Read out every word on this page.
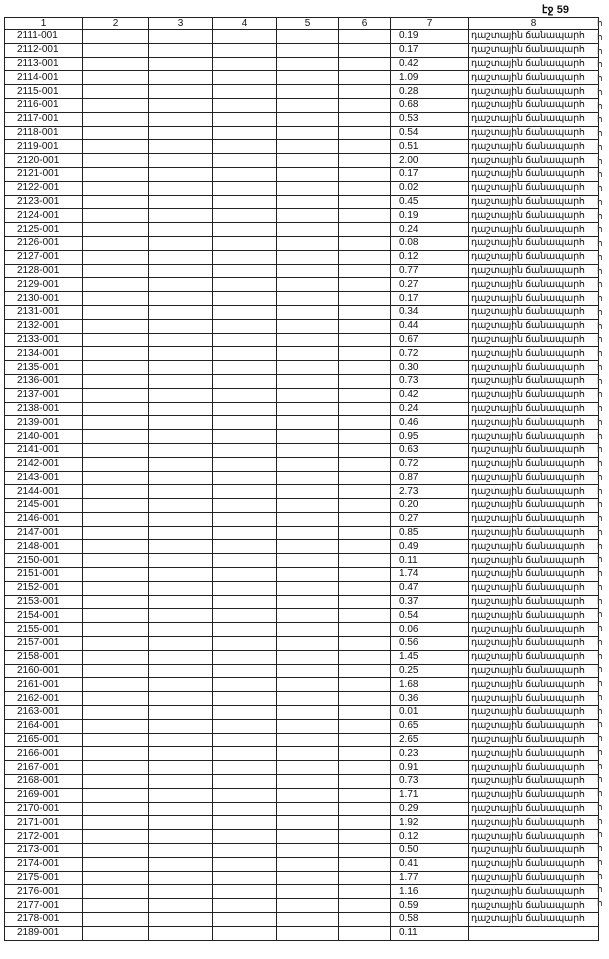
էջ 59
1	2	3	4	5	6	7	8
2111-001						0.19	դաշտային ճանապարհ
2112-001						0.17	դաշտային ճանապարհ
2113-001						0.42	դաշտային ճանապարհ
2114-001						1.09	դաշտային ճանապարհ
2115-001						0.28	դաշտային ճանապարհ
2116-001						0.68	դաշտային ճանապարհ
2117-001						0.53	դաշտային ճանապարհ
2118-001						0.54	դաշտային ճանապարհ
2119-001						0.51	դաշտային ճանապարհ
2120-001						2.00	դաշտային ճանապարհ
2121-001						0.17	դաշտային ճանապարհ
2122-001						0.02	դաշտային ճանապարհ
2123-001						0.45	դաշտային ճանապարհ
2124-001						0.19	դաշտային ճանապարհ
2125-001						0.24	դաշտային ճանապարհ
2126-001						0.08	դաշտային ճանապարհ
2127-001						0.12	դաշտային ճանապարհ
2128-001						0.77	դաշտային ճանապարհ
2129-001						0.27	դաշտային ճանապարհ
2130-001						0.17	դաշտային ճանապարհ
2131-001						0.34	դաշտային ճանապարհ
2132-001						0.44	դաշտային ճանապարհ
2133-001						0.67	դաշտային ճանապարհ
2134-001						0.72	դաշտային ճանապարհ
2135-001						0.30	դաշտային ճանապարհ
2136-001						0.73	դաշտային ճանապարհ
2137-001						0.42	դաշտային ճանապարհ
2138-001						0.24	դաշտային ճանապարհ
2139-001						0.46	դաշտային ճանապարհ
2140-001						0.95	դաշտային ճանապարհ
2141-001						0.63	դաշտային ճանապարհ
2142-001						0.72	դաշտային ճանապարհ
2143-001						0.87	դաշտային ճանապարհ
2144-001						2.73	դաշտային ճանապարհ
2145-001						0.20	դաշտային ճանապարհ
2146-001						0.27	դաշտային ճանապարհ
2147-001						0.85	դաշտային ճանապարհ
2148-001						0.49	դաշտային ճանապարհ
2150-001						0.11	դաշտային ճանապարհ
2151-001						1.74	դաշտային ճանապարհ
2152-001						0.47	դաշտային ճանապարհ
2153-001						0.37	դաշտային ճանապարհ
2154-001						0.54	դաշտային ճանապարհ
2155-001						0.06	դաշտային ճանապարհ
2157-001						0.56	դաշտային ճանապարհ
2158-001						1.45	դաշտային ճանապարհ
2160-001						0.25	դաշտային ճանապարհ
2161-001						1.68	դաշտային ճանապարհ
2162-001						0.36	դաշտային ճանապարհ
2163-001						0.01	դաշտային ճանապարհ
2164-001						0.65	դաշտային ճանապարհ
2165-001						2.65	դաշտային ճանապարհ
2166-001						0.23	դաշտային ճանապարհ
2167-001						0.91	դաշտային ճանապարհ
2168-001						0.73	դաշտային ճանապարհ
2169-001						1.71	դաշտային ճանապարհ
2170-001						0.29	դաշտային ճանապարհ
2171-001						1.92	դաշտային ճանապարհ
2172-001						0.12	դաշտային ճանապարհ
2173-001						0.50	դաշտային ճանապարհ
2174-001						0.41	դաշտային ճանապարհ
2175-001						1.77	դաշտային ճանապարհ
2176-001						1.16	դաշտային ճանապարհ
2177-001						0.59	դաշտային ճանապարհ
2178-001						0.58	դաշտային ճանապարհ
2189-001						0.11	
հ
հ
հ
հ
հ
հ
հ
հ
հ
հ
հ
հ
հ
հ
հ
հ
հ
հ
հ
հ
հ
հ
հ
հ
հ
հ
հ
հ
հ
հ
հ
հ
հ
հ
հ
հ
հ
հ
հ
հ
հ
հ
հ
հ
հ
հ
հ
հ
հ
հ
հ
հ
հ
հ
հ
հ
հ
հ
հ
հ
հ
հ
հ
հ
հ
